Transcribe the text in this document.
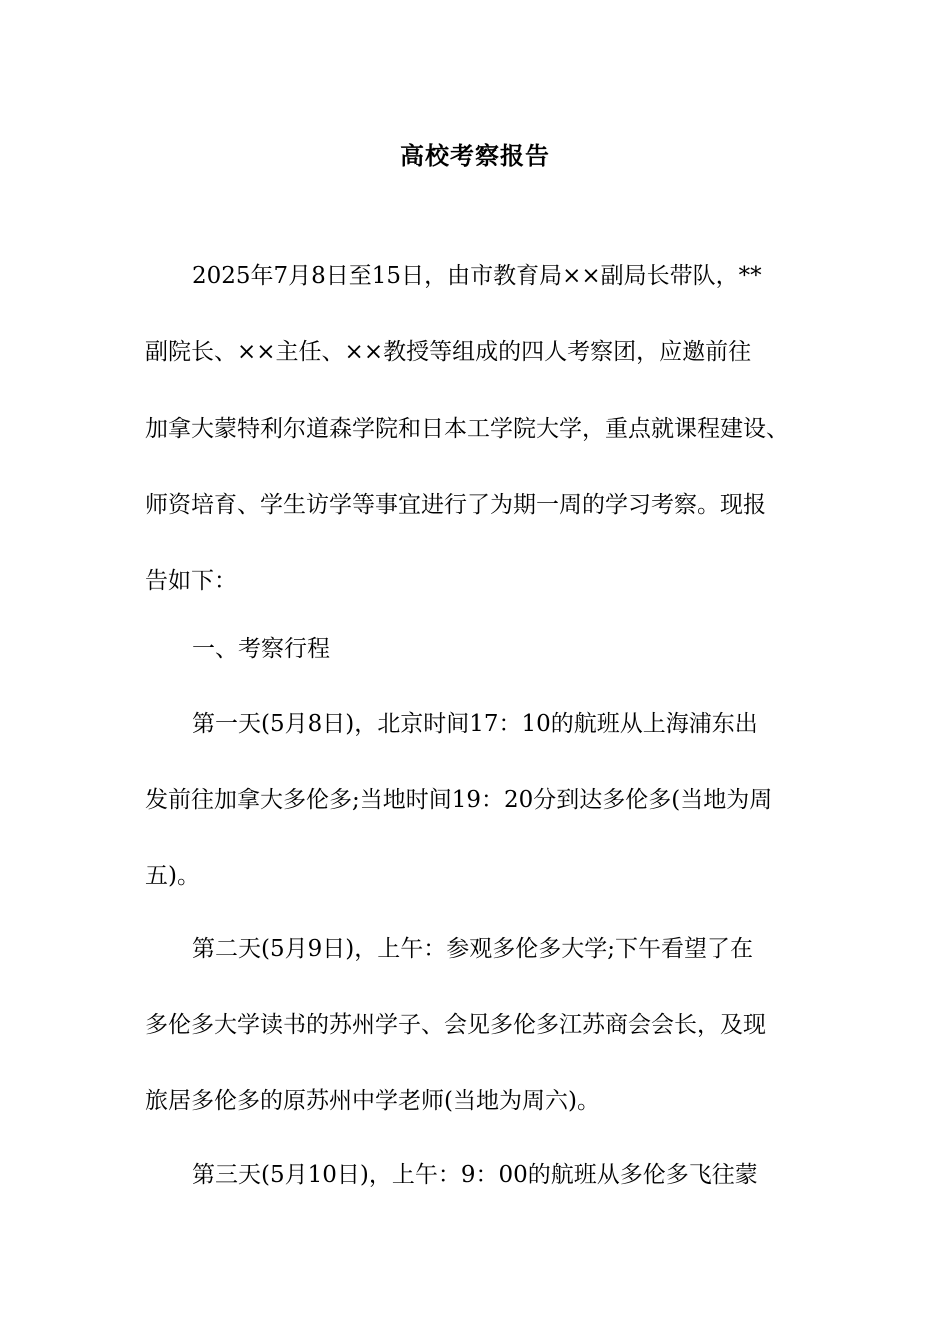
高校考察报告

2025年7月8日至15日，由市教育局××副局长带队，**

副院长、××主任、××教授等组成的四人考察团，应邀前往

加拿大蒙特利尔道森学院和日本工学院大学，重点就课程建设、

师资培育、学生访学等事宜进行了为期一周的学习考察。现报

告如下：

一、考察行程

第一天(5月8日)，北京时间17：10的航班从上海浦东出

发前往加拿大多伦多;当地时间19：20分到达多伦多(当地为周

五)。

第二天(5月9日)，上午：参观多伦多大学;下午看望了在

多伦多大学读书的苏州学子、会见多伦多江苏商会会长，及现

旅居多伦多的原苏州中学老师(当地为周六)。

第三天(5月10日)，上午：9：00的航班从多伦多飞往蒙
